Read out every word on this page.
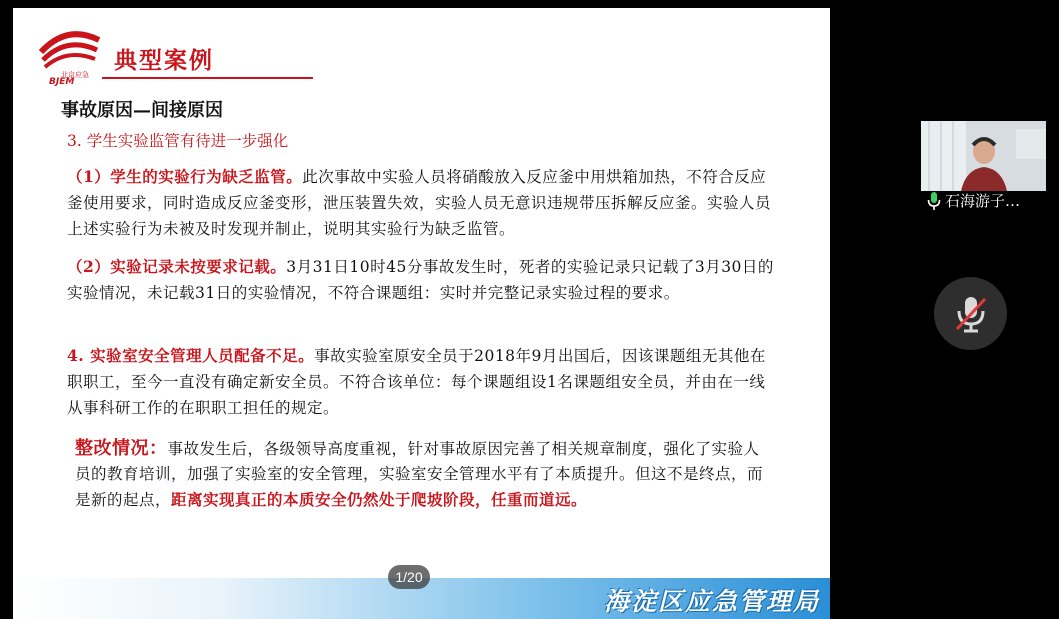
北京应急
BJEM
典型案例
事故原因—间接原因
3. 学生实验监管有待进一步强化
（1）学生的实验行为缺乏监管。此次事故中实验人员将硝酸放入反应釜中用烘箱加热，不符合反应釜使用要求，同时造成反应釜变形，泄压装置失效，实验人员无意识违规带压拆解反应釜。实验人员上述实验行为未被及时发现并制止，说明其实验行为缺乏监管。
（2）实验记录未按要求记载。3月31日10时45分事故发生时，死者的实验记录只记载了3月30日的实验情况，未记载31日的实验情况，不符合课题组：实时并完整记录实验过程的要求。
4. 实验室安全管理人员配备不足。事故实验室原安全员于2018年9月出国后，因该课题组无其他在职职工，至今一直没有确定新安全员。不符合该单位：每个课题组设1名课题组安全员，并由在一线从事科研工作的在职职工担任的规定。
整改情况：事故发生后，各级领导高度重视，针对事故原因完善了相关规章制度，强化了实验人员的教育培训，加强了实验室的安全管理，实验室安全管理水平有了本质提升。但这不是终点，而是新的起点，距离实现真正的本质安全仍然处于爬坡阶段，任重而道远。
海淀区应急管理局
1/20
石海游子…
